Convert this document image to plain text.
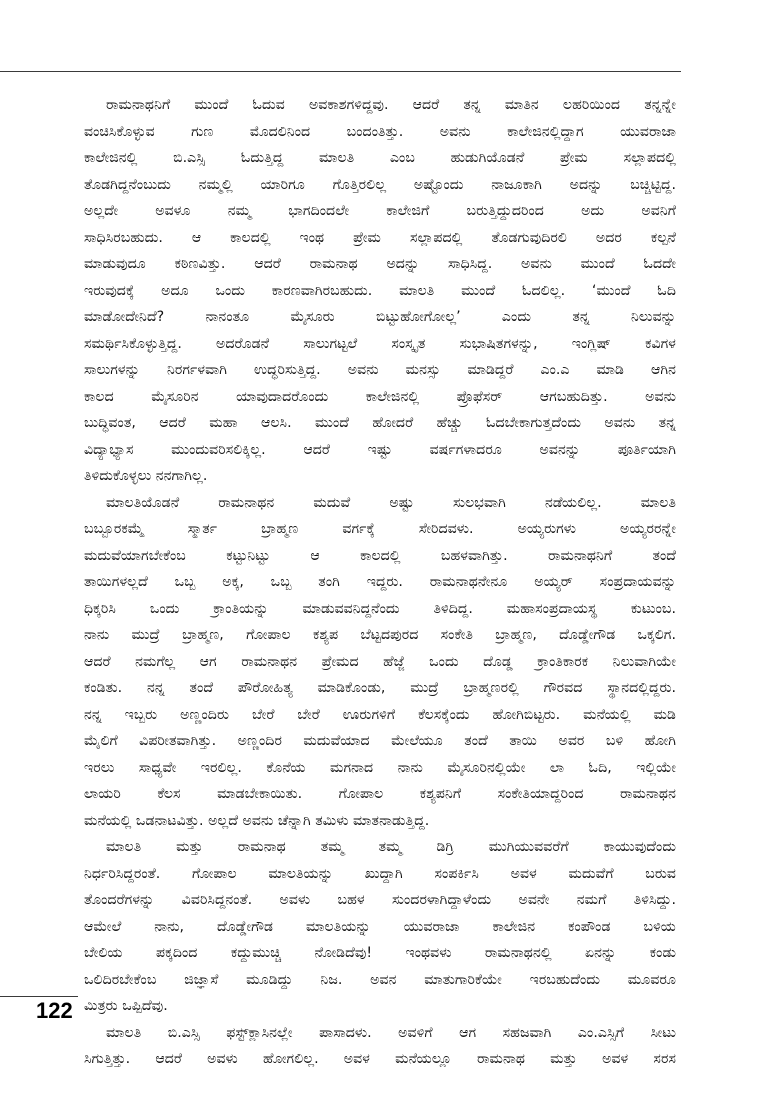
ರಾಮನಾಥನಿಗೆ ಮುಂದೆ ಓದುವ ಅವಕಾಶಗಳಿದ್ದವು. ಆದರೆ ತನ್ನ ಮಾತಿನ ಲಹರಿಯಿಂದ ತನ್ನನ್ನೇ
ವಂಚಿಸಿಕೊಳ್ಳುವ ಗುಣ ಮೊದಲಿನಿಂದ ಬಂದಂತಿತ್ತು. ಅವನು ಕಾಲೇಜಿನಲ್ಲಿದ್ದಾಗ ಯುವರಾಜಾ
ಕಾಲೇಜಿನಲ್ಲಿ ಬಿ.ಎಸ್ಸಿ ಓದುತ್ತಿದ್ದ ಮಾಲತಿ ಎಂಬ ಹುಡುಗಿಯೊಡನೆ ಪ್ರೇಮ ಸಲ್ಲಾಪದಲ್ಲಿ
ತೊಡಗಿದ್ದನೆಂಬುದು ನಮ್ಮಲ್ಲಿ ಯಾರಿಗೂ ಗೊತ್ತಿರಲಿಲ್ಲ ಅಷ್ಟೊಂದು ನಾಜೂಕಾಗಿ ಅದನ್ನು ಬಚ್ಚಿಟ್ಟಿದ್ದ.
ಅಲ್ಲದೇ ಅವಳೂ ನಮ್ಮ ಭಾಗದಿಂದಲೇ ಕಾಲೇಜಿಗೆ ಬರುತ್ತಿದ್ದುದರಿಂದ ಅದು ಅವನಿಗೆ
ಸಾಧಿಸಿರಬಹುದು. ಆ ಕಾಲದಲ್ಲಿ ಇಂಥ ಪ್ರೇಮ ಸಲ್ಲಾಪದಲ್ಲಿ ತೊಡಗುವುದಿರಲಿ ಅದರ ಕಲ್ಪನೆ
ಮಾಡುವುದೂ ಕಠಿಣವಿತ್ತು. ಆದರೆ ರಾಮನಾಥ ಅದನ್ನು ಸಾಧಿಸಿದ್ದ. ಅವನು ಮುಂದೆ ಓದದೇ
ಇರುವುದಕ್ಕೆ ಅದೂ ಒಂದು ಕಾರಣವಾಗಿರಬಹುದು. ಮಾಲತಿ ಮುಂದೆ ಓದಲಿಲ್ಲ. ‘ಮುಂದೆ ಓದಿ
ಮಾಡೋದೇನಿದೆ? ನಾನಂತೂ ಮೈಸೂರು ಬಿಟ್ಟುಹೋಗೋಲ್ಲ’ ಎಂದು ತನ್ನ ನಿಲುವನ್ನು
ಸಮರ್ಥಿಸಿಕೊಳ್ಳುತ್ತಿದ್ದ. ಅದರೊಡನೆ ಸಾಲುಗಟ್ಟಲೆ ಸಂಸ್ಕೃತ ಸುಭಾಷಿತಗಳನ್ನು, ಇಂಗ್ಲಿಷ್ ಕವಿಗಳ
ಸಾಲುಗಳನ್ನು ನಿರರ್ಗಳವಾಗಿ ಉದ್ಧರಿಸುತ್ತಿದ್ದ. ಅವನು ಮನಸ್ಸು ಮಾಡಿದ್ದರೆ ಎಂ.ಎ ಮಾಡಿ ಆಗಿನ
ಕಾಲದ ಮೈಸೂರಿನ ಯಾವುದಾದರೊಂದು ಕಾಲೇಜಿನಲ್ಲಿ ಪ್ರೊಫೆಸರ್ ಆಗಬಹುದಿತ್ತು. ಅವನು
ಬುದ್ಧಿವಂತ, ಆದರೆ ಮಹಾ ಆಲಸಿ. ಮುಂದೆ ಹೋದರೆ ಹೆಚ್ಚು ಓದಬೇಕಾಗುತ್ತದೆಂದು ಅವನು ತನ್ನ
ವಿದ್ಯಾಭ್ಯಾಸ ಮುಂದುವರಿಸಲಿಕ್ಕಿಲ್ಲ. ಆದರೆ ಇಷ್ಟು ವರ್ಷಗಳಾದರೂ ಅವನನ್ನು ಪೂರ್ತಿಯಾಗಿ
ತಿಳಿದುಕೊಳ್ಳಲು ನನಗಾಗಿಲ್ಲ.
ಮಾಲತಿಯೊಡನೆ ರಾಮನಾಥನ ಮದುವೆ ಅಷ್ಟು ಸುಲಭವಾಗಿ ನಡೆಯಲಿಲ್ಲ. ಮಾಲತಿ
ಬಬ್ಬೂರಕಮ್ಮೆ ಸ್ಮಾರ್ತ ಬ್ರಾಹ್ಮಣ ವರ್ಗಕ್ಕೆ ಸೇರಿದವಳು. ಅಯ್ಯರುಗಳು ಅಯ್ಯರರನ್ನೇ
ಮದುವೆಯಾಗಬೇಕೆಂಬ ಕಟ್ಟುನಿಟ್ಟು ಆ ಕಾಲದಲ್ಲಿ ಬಹಳವಾಗಿತ್ತು. ರಾಮನಾಥನಿಗೆ ತಂದೆ
ತಾಯಿಗಳಲ್ಲದೆ ಒಬ್ಬ ಅಕ್ಕ, ಒಬ್ಬ ತಂಗಿ ಇದ್ದರು. ರಾಮನಾಥನೇನೂ ಅಯ್ಯರ್ ಸಂಪ್ರದಾಯವನ್ನು
ಧಿಕ್ಕರಿಸಿ ಒಂದು ಕ್ರಾಂತಿಯನ್ನು ಮಾಡುವವನಿದ್ದನೆಂದು ತಿಳಿದಿದ್ದ. ಮಹಾಸಂಪ್ರದಾಯಸ್ಥ ಕುಟುಂಬ.
ನಾನು ಮುದ್ರೆ ಬ್ರಾಹ್ಮಣ, ಗೋಪಾಲ ಕಶ್ಯಪ ಬೆಟ್ಟದಪುರದ ಸಂಕೇತಿ ಬ್ರಾಹ್ಮಣ, ದೊಡ್ಡೇಗೌಡ ಒಕ್ಕಲಿಗ.
ಆದರೆ ನಮಗೆಲ್ಲ ಆಗ ರಾಮನಾಥನ ಪ್ರೇಮದ ಹೆಜ್ಜೆ ಒಂದು ದೊಡ್ಡ ಕ್ರಾಂತಿಕಾರಕ ನಿಲುವಾಗಿಯೇ
ಕಂಡಿತು. ನನ್ನ ತಂದೆ ಪೌರೋಹಿತ್ಯ ಮಾಡಿಕೊಂಡು, ಮುದ್ರೆ ಬ್ರಾಹ್ಮಣರಲ್ಲಿ ಗೌರವದ ಸ್ಥಾನದಲ್ಲಿದ್ದರು.
ನನ್ನ ಇಬ್ಬರು ಅಣ್ಣಂದಿರು ಬೇರೆ ಬೇರೆ ಊರುಗಳಿಗೆ ಕೆಲಸಕ್ಕೆಂದು ಹೋಗಿಬಿಟ್ಟರು. ಮನೆಯಲ್ಲಿ ಮಡಿ
ಮೈಲಿಗೆ ವಿಪರೀತವಾಗಿತ್ತು. ಅಣ್ಣಂದಿರ ಮದುವೆಯಾದ ಮೇಲೆಯೂ ತಂದೆ ತಾಯಿ ಅವರ ಬಳಿ ಹೋಗಿ
ಇರಲು ಸಾಧ್ಯವೇ ಇರಲಿಲ್ಲ. ಕೊನೆಯ ಮಗನಾದ ನಾನು ಮೈಸೂರಿನಲ್ಲಿಯೇ ಲಾ ಓದಿ, ಇಲ್ಲಿಯೇ
ಲಾಯರಿ ಕೆಲಸ ಮಾಡಬೇಕಾಯಿತು. ಗೋಪಾಲ ಕಶ್ಯಪನಿಗೆ ಸಂಕೇತಿಯಾದ್ದರಿಂದ ರಾಮನಾಥನ
ಮನೆಯಲ್ಲಿ ಒಡನಾಟವಿತ್ತು. ಅಲ್ಲದೆ ಅವನು ಚೆನ್ನಾಗಿ ತಮಿಳು ಮಾತನಾಡುತ್ತಿದ್ದ.
ಮಾಲತಿ ಮತ್ತು ರಾಮನಾಥ ತಮ್ಮ ತಮ್ಮ ಡಿಗ್ರಿ ಮುಗಿಯುವವರೆಗೆ ಕಾಯುವುದೆಂದು
ನಿರ್ಧರಿಸಿದ್ದರಂತೆ. ಗೋಪಾಲ ಮಾಲತಿಯನ್ನು ಖುದ್ದಾಗಿ ಸಂಪರ್ಕಿಸಿ ಅವಳ ಮದುವೆಗೆ ಬರುವ
ತೊಂದರೆಗಳನ್ನು ವಿವರಿಸಿದ್ದನಂತೆ. ಅವಳು ಬಹಳ ಸುಂದರಳಾಗಿದ್ದಾಳೆಂದು ಅವನೇ ನಮಗೆ ತಿಳಿಸಿದ್ದು.
ಆಮೇಲೆ ನಾನು, ದೊಡ್ಡೇಗೌಡ ಮಾಲತಿಯನ್ನು ಯುವರಾಜಾ ಕಾಲೇಜಿನ ಕಂಪೌಂಡ ಬಳಿಯ
ಬೇಲಿಯ ಪಕ್ಕದಿಂದ ಕದ್ದುಮುಚ್ಚಿ ನೋಡಿದೆವು! ಇಂಥವಳು ರಾಮನಾಥನಲ್ಲಿ ಏನನ್ನು ಕಂಡು
ಒಲಿದಿರಬೇಕೆಂಬ ಜಿಜ್ಞಾಸೆ ಮೂಡಿದ್ದು ನಿಜ. ಅವನ ಮಾತುಗಾರಿಕೆಯೇ ಇರಬಹುದೆಂದು ಮೂವರೂ
ಮಿತ್ರರು ಒಪ್ಪಿದೆವು.
ಮಾಲತಿ ಬಿ.ಎಸ್ಸಿ ಫಸ್ಟ್‌ಕ್ಲಾಸಿನಲ್ಲೇ ಪಾಸಾದಳು. ಅವಳಿಗೆ ಆಗ ಸಹಜವಾಗಿ ಎಂ.ಎಸ್ಸಿಗೆ ಸೀಟು
ಸಿಗುತ್ತಿತ್ತು. ಆದರೆ ಅವಳು ಹೋಗಲಿಲ್ಲ. ಅವಳ ಮನೆಯಲ್ಲೂ ರಾಮನಾಥ ಮತ್ತು ಅವಳ ಸರಸ
122
